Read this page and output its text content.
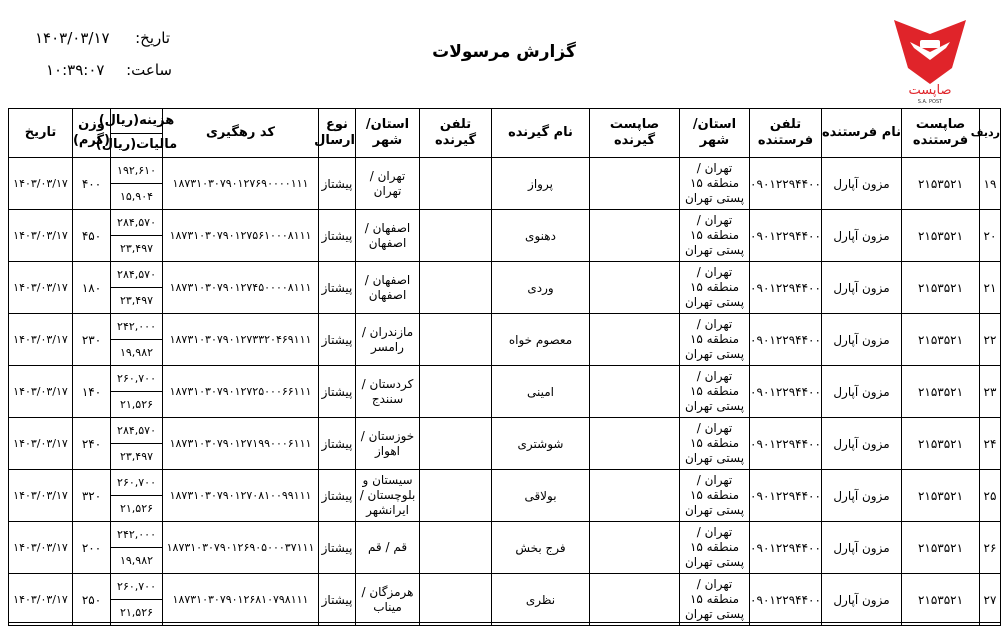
تاریخ:
۱۴۰۳/۰۳/۱۷
ساعت:
۱۰:۳۹:۰۷
گزارش مرسولات
صاپست
S.A. POST
ردیف	صاپست فرستنده	نام فرستنده	تلفن فرستنده	استان/ شهر	صاپست گیرنده	نام گیرنده	تلفن گیرنده	استان/ شهر	نوع ارسال	کد رهگیری	هزینه(ریال)
مالیات(ریال)	وزن (گرم)	تاریخ
۱۹	۲۱۵۳۵۲۱	مزون آپارل	۰۹۰۱۲۲۹۴۴۰۰	تهران / منطقه ۱۵ پستی تهران		پرواز		تهران / تهران	پیشتاز	۱۸۷۳۱۰۳۰۷۹۰۱۲۷۶۹۰۰۰۰۱۱۱	۱۹۲,۶۱۰
۱۵,۹۰۴	۴۰۰	۱۴۰۳/۰۳/۱۷
۲۰	۲۱۵۳۵۲۱	مزون آپارل	۰۹۰۱۲۲۹۴۴۰۰	تهران / منطقه ۱۵ پستی تهران		دهنوی		اصفهان / اصفهان	پیشتاز	۱۸۷۳۱۰۳۰۷۹۰۱۲۷۵۶۱۰۰۰۸۱۱۱	۲۸۴,۵۷۰
۲۳,۴۹۷	۴۵۰	۱۴۰۳/۰۳/۱۷
۲۱	۲۱۵۳۵۲۱	مزون آپارل	۰۹۰۱۲۲۹۴۴۰۰	تهران / منطقه ۱۵ پستی تهران		وردی		اصفهان / اصفهان	پیشتاز	۱۸۷۳۱۰۳۰۷۹۰۱۲۷۴۵۰۰۰۰۸۱۱۱	۲۸۴,۵۷۰
۲۳,۴۹۷	۱۸۰	۱۴۰۳/۰۳/۱۷
۲۲	۲۱۵۳۵۲۱	مزون آپارل	۰۹۰۱۲۲۹۴۴۰۰	تهران / منطقه ۱۵ پستی تهران		معصوم خواه		مازندران / رامسر	پیشتاز	۱۸۷۳۱۰۳۰۷۹۰۱۲۷۳۳۲۰۴۶۹۱۱۱	۲۴۲,۰۰۰
۱۹,۹۸۲	۲۳۰	۱۴۰۳/۰۳/۱۷
۲۳	۲۱۵۳۵۲۱	مزون آپارل	۰۹۰۱۲۲۹۴۴۰۰	تهران / منطقه ۱۵ پستی تهران		امینی		کردستان / سنندج	پیشتاز	۱۸۷۳۱۰۳۰۷۹۰۱۲۷۲۵۰۰۰۶۶۱۱۱	۲۶۰,۷۰۰
۲۱,۵۲۶	۱۴۰	۱۴۰۳/۰۳/۱۷
۲۴	۲۱۵۳۵۲۱	مزون آپارل	۰۹۰۱۲۲۹۴۴۰۰	تهران / منطقه ۱۵ پستی تهران		شوشتری		خوزستان / اهواز	پیشتاز	۱۸۷۳۱۰۳۰۷۹۰۱۲۷۱۹۹۰۰۰۶۱۱۱	۲۸۴,۵۷۰
۲۳,۴۹۷	۲۴۰	۱۴۰۳/۰۳/۱۷
۲۵	۲۱۵۳۵۲۱	مزون آپارل	۰۹۰۱۲۲۹۴۴۰۰	تهران / منطقه ۱۵ پستی تهران		بولاقی		سیستان و بلوچستان / ایرانشهر	پیشتاز	۱۸۷۳۱۰۳۰۷۹۰۱۲۷۰۸۱۰۰۹۹۱۱۱	۲۶۰,۷۰۰
۲۱,۵۲۶	۳۲۰	۱۴۰۳/۰۳/۱۷
۲۶	۲۱۵۳۵۲۱	مزون آپارل	۰۹۰۱۲۲۹۴۴۰۰	تهران / منطقه ۱۵ پستی تهران		فرج بخش		قم / قم	پیشتاز	۱۸۷۳۱۰۳۰۷۹۰۱۲۶۹۰۵۰۰۰۳۷۱۱۱	۲۴۲,۰۰۰
۱۹,۹۸۲	۲۰۰	۱۴۰۳/۰۳/۱۷
۲۷	۲۱۵۳۵۲۱	مزون آپارل	۰۹۰۱۲۲۹۴۴۰۰	تهران / منطقه ۱۵ پستی تهران		نظری		هرمزگان / میناب	پیشتاز	۱۸۷۳۱۰۳۰۷۹۰۱۲۶۸۱۰۷۹۸۱۱۱	۲۶۰,۷۰۰
۲۱,۵۲۶	۲۵۰	۱۴۰۳/۰۳/۱۷
